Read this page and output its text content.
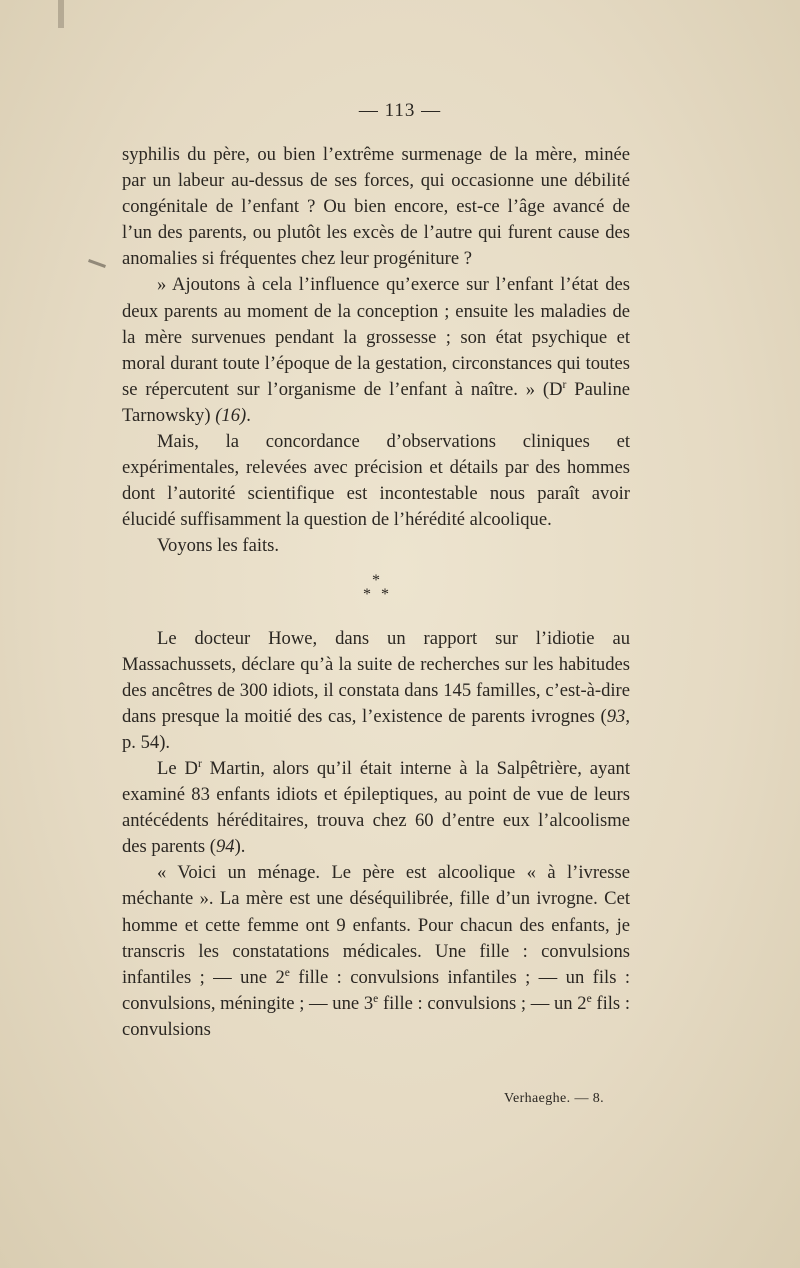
— 113 —

syphilis du père, ou bien l’extrême surmenage de la mère, minée par un labeur au-dessus de ses forces, qui occasionne une débilité congénitale de l’enfant ? Ou bien encore, est-ce l’âge avancé de l’un des parents, ou plutôt les excès de l’autre qui furent cause des anomalies si fréquentes chez leur progéniture ?

» Ajoutons à cela l’influence qu’exerce sur l’enfant l’état des deux parents au moment de la conception ; ensuite les maladies de la mère survenues pendant la grossesse ; son état psychique et moral durant toute l’époque de la gestation, circonstances qui toutes se répercutent sur l’organisme de l’enfant à naître. » ($D^r$ Pauline Tarnowsky) (16).

Mais, la concordance d’observations cliniques et expérimentales, relevées avec précision et détails par des hommes dont l’autorité scientifique est incontestable nous paraît avoir élucidé suffisamment la question de l’hérédité alcoolique.

Voyons les faits.

*
**

Le docteur Howe, dans un rapport sur l’idiotie au Massachussets, déclare qu’à la suite de recherches sur les habitudes des ancêtres de 300 idiots, il constata dans 145 familles, c’est-à-dire dans presque la moitié des cas, l’existence de parents ivrognes (93, p. 54).

Le $D^r$ Martin, alors qu’il était interne à la Salpêtrière, ayant examiné 83 enfants idiots et épileptiques, au point de vue de leurs antécédents héréditaires, trouva chez 60 d’entre eux l’alcoolisme des parents (94).

« Voici un ménage. Le père est alcoolique « à l’ivresse méchante ». La mère est une déséquilibrée, fille d’un ivrogne. Cet homme et cette femme ont 9 enfants. Pour chacun des enfants, je transcris les constatations médicales. Une fille : convulsions infantiles ; — une 2e fille : convulsions infantiles ; — un fils : convulsions, méningite ; — une 3e fille : convulsions ; — un 2e fils : convulsions

Verhaeghe. — 8.
